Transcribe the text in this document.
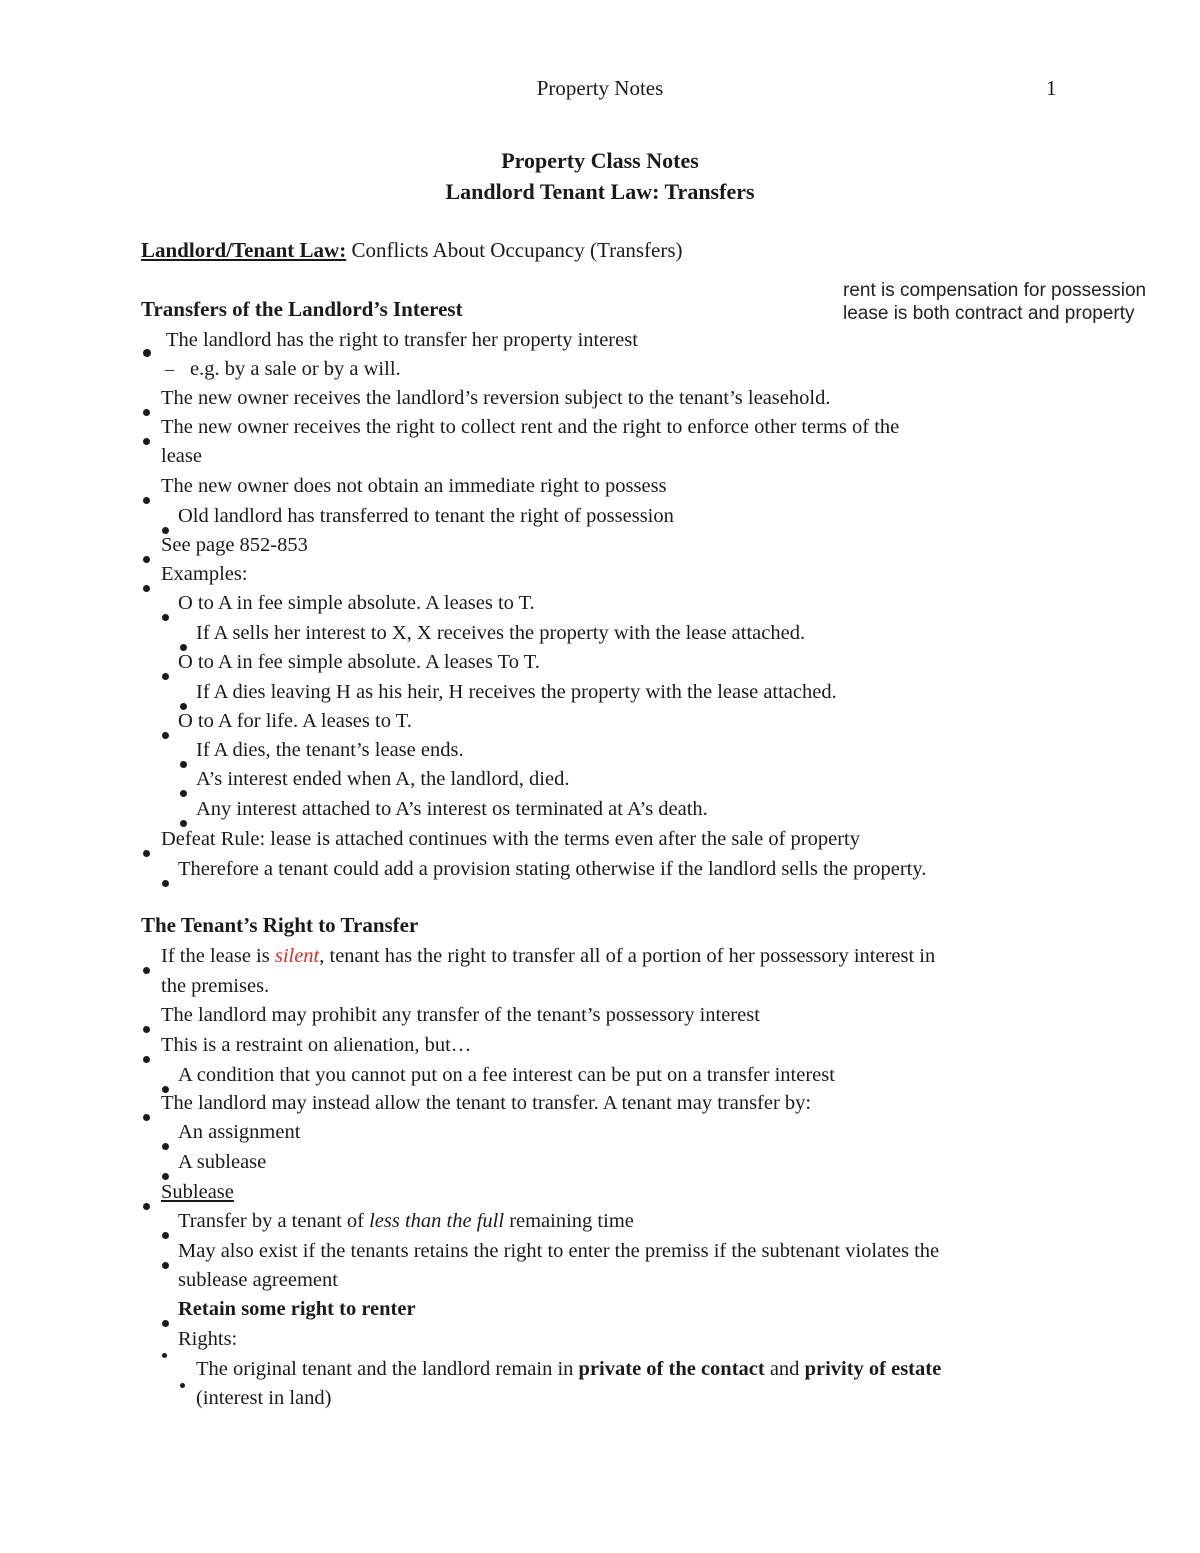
Property Notes	1
Property Class Notes
Landlord Tenant Law: Transfers
Landlord/Tenant Law: Conflicts About Occupancy (Transfers)
rent is compensation for possession
lease is both contract and property
Transfers of the Landlord’s Interest
The landlord has the right to transfer her property interest
– e.g. by a sale or by a will.
The new owner receives the landlord’s reversion subject to the tenant’s leasehold.
The new owner receives the right to collect rent and the right to enforce other terms of the
lease
The new owner does not obtain an immediate right to possess
Old landlord has transferred to tenant the right of possession
See page 852-853
Examples:
O to A in fee simple absolute. A leases to T.
If A sells her interest to X, X receives the property with the lease attached.
O to A in fee simple absolute. A leases To T.
If A dies leaving H as his heir, H receives the property with the lease attached.
O to A for life. A leases to T.
If A dies, the tenant’s lease ends.
A’s interest ended when A, the landlord, died.
Any interest attached to A’s interest os terminated at A’s death.
Defeat Rule: lease is attached continues with the terms even after the sale of property
Therefore a tenant could add a provision stating otherwise if the landlord sells the property.
The Tenant’s Right to Transfer
If the lease is silent, tenant has the right to transfer all of a portion of her possessory interest in
the premises.
The landlord may prohibit any transfer of the tenant’s possessory interest
This is a restraint on alienation, but…
A condition that you cannot put on a fee interest can be put on a transfer interest
The landlord may instead allow the tenant to transfer. A tenant may transfer by:
An assignment
A sublease
Sublease
Transfer by a tenant of less than the full remaining time
May also exist if the tenants retains the right to enter the premiss if the subtenant violates the
sublease agreement
Retain some right to renter
Rights:
The original tenant and the landlord remain in private of the contact and privity of estate
(interest in land)
